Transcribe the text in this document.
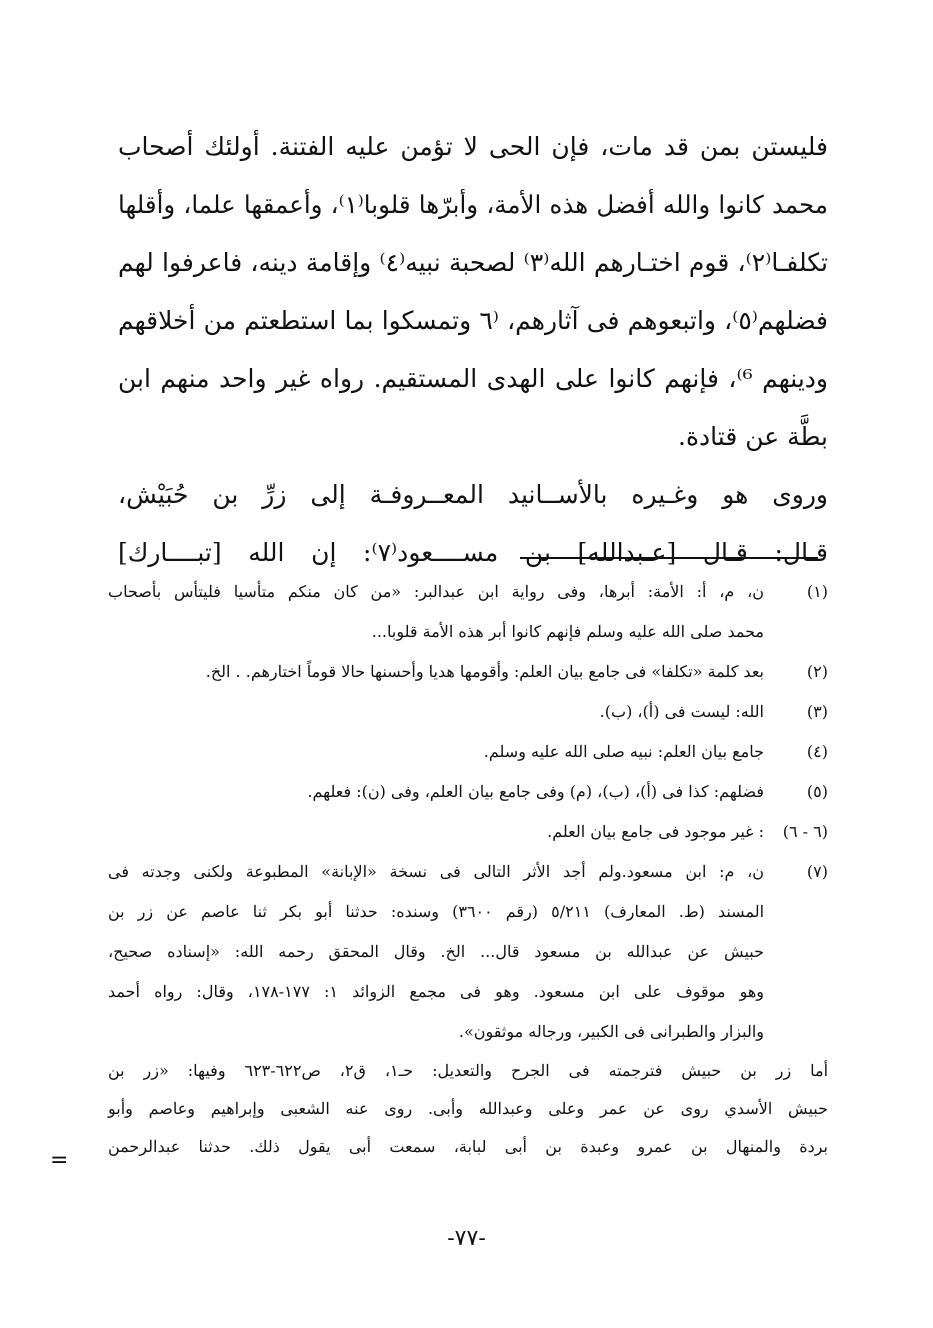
فليستن بمن قد مات، فإن الحى لا تؤمن عليه الفتنة. أولئك أصحاب
محمد كانوا والله أفضل هذه الأمة، وأبرّها قلوبا⁽١⁾، وأعمقها علما، وأقلها
تكلفـا⁽٢⁾، قوم اختـارهم الله⁽٣⁾ لصحبة نبيه⁽٤⁾ وإقامة دينه، فاعرفوا لهم
فضلهم⁽٥⁾، واتبعوهم فى آثارهم، ⁽٦ وتمسكوا بما استطعتم من أخلاقهم
ودينهم ⁶⁾، فإنهم كانوا على الهدى المستقيم. رواه غير واحد منهم ابن
بطَّة عن قتادة.
وروى هو وغـيره بالأســانيد المعــروفـة إلى زرِّ بن حُبَيْش،
قـال: قـال [عـبدالله] بن مســــعود⁽٧⁾: إن الله [تبــــارك]
(١)
ن، م، أ: الأمة: أبرها، وفى رواية ابن عبدالبر: «من كان منكم متأسيا فليتأس بأصحاب
محمد صلى الله عليه وسلم فإنهم كانوا أبر هذه الأمة قلوبا...
(٢)
بعد كلمة «تكلفا» فى جامع بيان العلم: وأقومها هديا وأحسنها حالا قوماً اختارهم. . الخ.
(٣)
الله: ليست فى (أ)، (ب).
(٤)
جامع بيان العلم: نبيه صلى الله عليه وسلم.
(٥)
فضلهم: كذا فى (أ)، (ب)، (م) وفى جامع بيان العلم، وفى (ن): فعلهم.
(٦ - ٦)
: غير موجود فى جامع بيان العلم.
(٧)
ن، م: ابن مسعود.ولم أجد الأثر التالى فى نسخة «الإبانة» المطبوعة ولكنى وجدته فى
المسند (ط. المعارف) ٥/٢١١ (رقم ٣٦٠٠) وسنده: حدثنا أبو بكر ثنا عاصم عن زر بن
حبيش عن عبدالله بن مسعود قال... الخ. وقال المحقق رحمه الله: «إسناده صحيح،
وهو موقوف على ابن مسعود. وهو فى مجمع الزوائد ١: ١٧٧-١٧٨، وقال: رواه أحمد
والبزار والطبرانى فى الكبير، ورجاله موثقون».
أما زر بن حبيش فترجمته فى الجرح والتعديل: حـ١، ق٢، ص٦٢٢-٦٢٣ وفيها: «زر بن
حبيش الأسدي روى عن عمر وعلى وعبدالله وأبى. روى عنه الشعبى وإبراهيم وعاصم وأبو
بردة والمنهال بن عمرو وعبدة بن أبى لبابة، سمعت أبى يقول ذلك. حدثنا عبدالرحمن
=
-٧٧-
